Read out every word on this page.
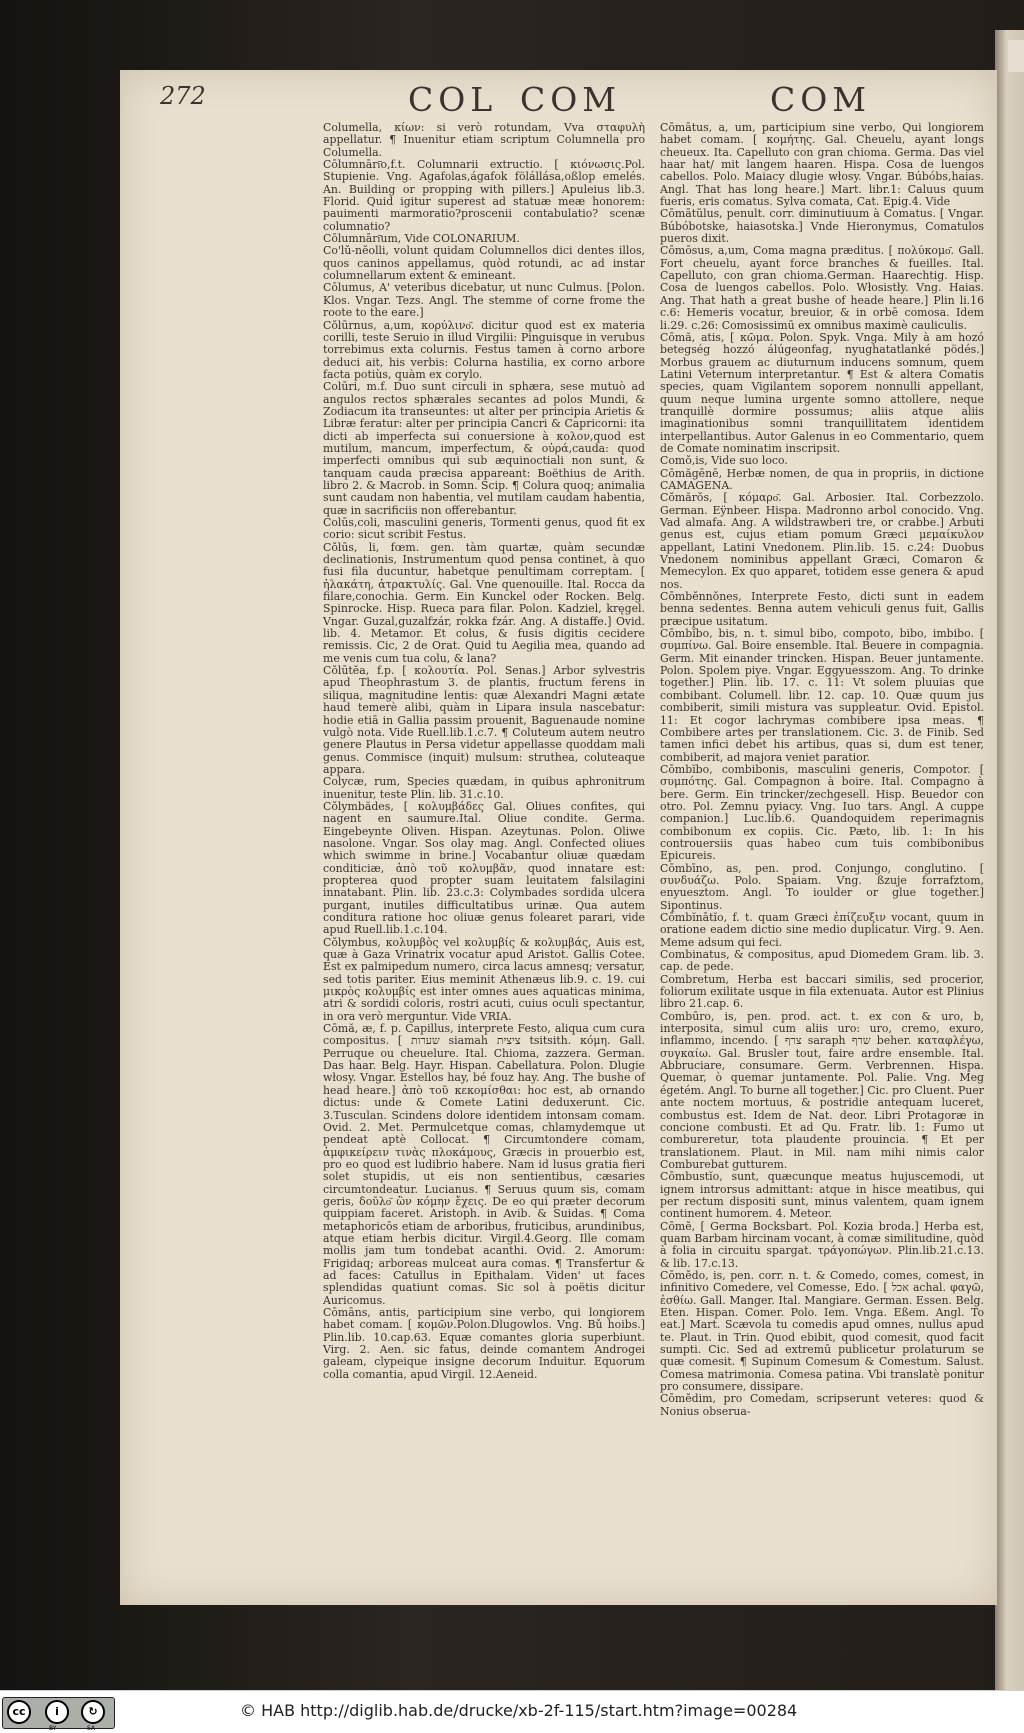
272	COL COM	COM

Columella, κίων: si verò rotundam, Vva σταφυλὴ appellatur. ¶ Inuenitur etiam scriptum Columnella pro Columella.

Cōlumnāri͂o,f.t. Columnarii extructio. [ κιόνωσις.Pol. Stupienie. Vng. Agafolas,ágafok fölállása,oßlop emelés. An. Building or propping with pillers.] Apuleius lib.3. Florid. Quid igitur superest ad statuæ meæ honorem: pauimenti marmoratio?proscenii contabulatio? scenæ columnatio?

Cōlumnāri͂um, Vide COLONARIUM.

Co'lŭ-nĕolli, volunt quidam Columnellos dici dentes illos, quos caninos appellamus, quòd rotundi, ac ad instar columnellarum extent & emineant.

Cōlumus, A' veteribus dicebatur, ut nunc Culmus. [Polon. Klos. Vngar. Tezs. Angl. The stemme of corne frome the roote to the eare.]

Cŏlūrnus, a,um, κορύλινο͂. dicitur quod est ex materia corilli, teste Seruio in illud Virgilii: Pinguisque in verubus torrebimus exta colurnis. Festus tamen à corno arbore deduci ait, his verbis: Colurna hastilia, ex corno arbore facta potiùs, quàm ex corylo.

Colūri, m.f. Duo sunt circuli in sphæra, sese mutuò ad angulos rectos sphærales secantes ad polos Mundi, & Zodiacum ita transeuntes: ut alter per principia Arietis & Libræ feratur: alter per principia Cancri & Capricorni: ita dicti ab imperfecta sui conuersione à κολον,quod est mutilum, mancum, imperfectum, & οὐρά,cauda: quod imperfecti omnibus qui sub æquinoctiali non sunt, & tanquam cauda præcisa appareant: Boëthius de Arith. libro 2. & Macrob. in Somn. Scip. ¶ Colura quoq; animalia sunt caudam non habentia, vel mutilam caudam habentia, quæ in sacrificiis non offerebantur.

Colūs,coli, masculini generis, Tormenti genus, quod fit ex corio: sicut scribit Festus.

Cŏlūs, li, fœm. gen. tàm quartæ, quàm secundæ declinationis, Instrumentum quod pensa continet, à quo fusi fila ducuntur, habetque penultimam correptam. [ ἠλακάτη, ἀτρακτυλίς. Gal. Vne quenouille. Ital. Rocca da filare,conochia. Germ. Ein Kunckel oder Rocken. Belg. Spinrocke. Hisp. Rueca para filar. Polon. Kadziel, kręgel. Vngar. Guzal,guzalfzár, rokka fzár. Ang. A distaffe.] Ovid. lib. 4. Metamor. Et colus, & fusis digitis cecidere remissis. Cic, 2 de Orat. Quid tu Aegilia mea, quando ad me venis cum tua colu, & lana?

Cŏlūtĕa, f.p. [ κολουτία. Pol. Senas.] Arbor sylvestris apud Theophrastum 3. de plantis, fructum ferens in siliqua, magnitudine lentis: quæ Alexandri Magni ætate haud temerè alibi, quàm in Lipara insula nascebatur: hodie etiā in Gallia passim prouenit, Baguenaude nomine vulgò nota. Vide Ruell.lib.1.c.7. ¶ Coluteum autem neutro genere Plautus in Persa videtur appellasse quoddam mali genus. Commisce (inquit) mulsum: struthea, coluteaque appara.

Colycæ, rum, Species quædam, in quibus aphronitrum inuenitur, teste Plin. lib. 31.c.10.

Cŏlymbădes, [ κολυμβάδες Gal. Oliues confites, qui nagent en saumure.Ital. Oliue condite. Germa. Eingebeynte Oliven. Hispan. Azeytunas. Polon. Oliwe nasolone. Vngar. Sos olay mag. Angl. Confected oliues which swimme in brine.] Vocabantur oliuæ quædam conditiciæ, ἀπὸ τοῦ κολυμβᾶν, quod innatare est: propterea quod propter suam leuitatem falsilagini innatabant. Plin. lib. 23.c.3: Colymbades sordida ulcera purgant, inutiles difficultatibus urinæ. Qua autem conditura ratione hoc oliuæ genus folearet parari, vide apud Ruell.lib.1.c.104.

Cŏlymbus, κολυμβὸς vel κολυμβίς & κολυμβάς, Auis est, quæ à Gaza Vrinatrix vocatur apud Aristot. Gallis Cotee. Est ex palmipedum numero, circa lacus amnesq; versatur, sed totis pariter. Eius meminit Athenæus lib.9. c. 19. cui μικρὸς κολυμβίς est inter omnes aues aquaticas minima, atri & sordidi coloris, rostri acuti, cuius oculi spectantur, in ora verò merguntur. Vide VRIA.

Cōmă, æ, f. p. Capillus, interprete Festo, aliqua cum cura compositus. [ שערות siamah ציצית tsitsith. κόμη. Gall. Perruque ou cheuelure. Ital. Chioma, zazzera. German. Das haar. Belg. Hayr. Hispan. Cabellatura. Polon. Dlugie włosy. Vngar. Estellos hay, bé fouz hay. Ang. The bushe of head heare.] ἀπὸ τοῦ κεκομίσθαι: hoc est, ab ornando dictus: unde & Comete Latini deduxerunt. Cic. 3.Tusculan. Scindens dolore identidem intonsam comam. Ovid. 2. Met. Permulcetque comas, chlamydemque ut pendeat aptè Collocat. ¶ Circumtondere comam, ἀμφικείρειν τινὰς πλοκάμους, Græcis in prouerbio est, pro eo quod est ludibrio habere. Nam id lusus gratia fieri solet stupidis, ut eis non sentientibus, cæsaries circumtondeatur. Lucianus. ¶ Seruus quum sis, comam geris, δοῦλο͂ ὢν κόμην ἔχεις. De eo qui præter decorum quippiam faceret. Aristoph. in Avib. & Suidas. ¶ Coma metaphoricōs etiam de arboribus, fruticibus, arundinibus, atque etiam herbis dicitur. Virgil.4.Georg. Ille comam mollis jam tum tondebat acanthi. Ovid. 2. Amorum: Frigidaq; arboreas mulceat aura comas. ¶ Transfertur & ad faces: Catullus in Epithalam. Viden' ut faces splendidas quatiunt comas. Sic sol à poëtis dicitur Auricomus.

Cōmāns, antis, participium sine verbo, qui longiorem habet comam. [ κομῶν.Polon.Dlugowlos. Vng. Bǔ hoibs.] Plin.lib. 10.cap.63. Equæ comantes gloria superbiunt. Virg. 2. Aen. sic fatus, deinde comantem Androgei galeam, clypeique insigne decorum Induitur. Equorum colla comantia, apud Virgil. 12.Aeneid.

Cōmātus, a, um, participium sine verbo, Qui longiorem habet comam. [ κομήτης. Gal. Cheuelu, ayant longs cheueux. Ita. Capelluto con gran chioma. Germa. Das viel haar hat/ mit langem haaren. Hispa. Cosa de luengos cabellos. Polo. Maiacy dlugie włosy. Vngar. Búbóbs,haias. Angl. That has long heare.] Mart. libr.1: Caluus quum fueris, eris comatus. Sylva comata, Cat. Epig.4. Vide

Cōmātŭlus, penult. corr. diminutiuum à Comatus. [ Vngar. Búbóbotske, haiasotska.] Vnde Hieronymus, Comatulos pueros dixit.

Cōmōsus, a,um, Coma magna præditus. [ πολύκομο͂. Gall. Fort cheuelu, ayant force branches & fueilles. Ital. Capelluto, con gran chioma.German. Haarechtig. Hisp. Cosa de luengos cabellos. Polo. Włosistły. Vng. Haias. Ang. That hath a great bushe of heade heare.] Plin li.16 c.6: Hemeris vocatur, breuior, & in orbē comosa. Idem li.29. c.26: Comosissimū ex omnibus maximè cauliculis.

Cōmă, atis, [ κῶμα. Polon. Spyk. Vnga. Mily à am hozó betegség hozzó álúgeonfag, nyughatatlanké pödés.] Morbus grauem ac diuturnum inducens somnum, quem Latini Veternum interpretantur. ¶ Est & altera Comatis species, quam Vigilantem soporem nonnulli appellant, quum neque lumina urgente somno attollere, neque tranquillè dormire possumus; aliis atque aliis imaginationibus somni tranquillitatem identidem interpellantibus. Autor Galenus in eo Commentario, quem de Comate nominatim inscripsit.

Comŏ,is, Vide suo loco.

Cōmăgēnē, Herbæ nomen, de qua in propriis, in dictione CAMAGENA.

Cŏmărŏs, [ κόμαρο͂. Gal. Arbosier. Ital. Corbezzolo. German. Eÿnbeer. Hispa. Madronno arbol conocido. Vng. Vad almafa. Ang. A wildstrawberi tre, or crabbe.] Arbuti genus est, cujus etiam pomum Græci μεμαίκυλον appellant, Latini Vnedonem. Plin.lib. 15. c.24: Duobus Vnedonem nominibus appellant Græci, Comaron & Memecylon. Ex quo apparet, totidem esse genera & apud nos.

Cōmbĕnnŏnes, Interprete Festo, dicti sunt in eadem benna sedentes. Benna autem vehiculi genus fuit, Gallis præcipue usitatum.

Cōmbĭbo, bis, n. t. simul bibo, compoto, bibo, imbibo. [ συμπίνω. Gal. Boire ensemble. Ital. Beuere in compagnia. Germ. Mit einander trincken. Hispan. Beuer juntamente. Polon. Spolem piye. Vngar. Eggyuesszom. Ang. To drinke together.] Plin. lib. 17. c. 11: Vt solem pluuias que combibant. Columell. libr. 12. cap. 10. Quæ quum jus combiberit, simili mistura vas suppleatur. Ovid. Epistol. 11: Et cogor lachrymas combibere ipsa meas. ¶ Combibere artes per translationem. Cic. 3. de Finib. Sed tamen infici debet his artibus, quas si, dum est tener, combiberit, ad majora veniet paratior.

Cōmbĭbo, combibonis, masculini generis, Compotor. [ συμπότης. Gal. Compagnon à boire. Ital. Compagno à bere. Germ. Ein trincker/zechgesell. Hisp. Beuedor con otro. Pol. Zemnu pyiacy. Vng. Iuo tars. Angl. A cuppe companion.] Luc.lib.6. Quandoquidem reperimagnis combibonum ex copiis. Cic. Pæto, lib. 1: In his controuersiis quas habeo cum tuis combibonibus Epicureis.

Cōmbīno, as, pen. prod. Conjungo, conglutino. [ συνδυάζω. Polo. Spaiam. Vng. ßzuje forrafztom, enyuesztom. Angl. To ioulder or glue together.] Sipontinus.

Cōmbĭnātĭo, f. t. quam Græci ἐπίζευξιν vocant, quum in oratione eadem dictio sine medio duplicatur. Virg. 9. Aen. Meme adsum qui feci.

Combinatus, & compositus, apud Diomedem Gram. lib. 3. cap. de pede.

Combretum, Herba est baccari similis, sed procerior, foliorum exilitate usque in fila extenuata. Autor est Plinius libro 21.cap. 6.

Combūro, is, pen. prod. act. t. ex con & uro, b, interposita, simul cum aliis uro: uro, cremo, exuro, inflammo, incendo. [ צרף saraph שרף beher. καταφλέγω, συγκαίω. Gal. Brusler tout, faire ardre ensemble. Ital. Abbruciare, consumare. Germ. Verbrennen. Hispa. Quemar, ò quemar juntamente. Pol. Palie. Vng. Meg égetém. Angl. To burne all together.] Cic. pro Cluent. Puer ante noctem mortuus, & postridie antequam luceret, combustus est. Idem de Nat. deor. Libri Protagoræ in concione combusti. Et ad Qu. Fratr. lib. 1: Fumo ut combureretur, tota plaudente prouincia. ¶ Et per translationem. Plaut. in Mil. nam mihi nimis calor Comburebat gutturem.

Cōmbustĭo, sunt, quæcunque meatus hujuscemodi, ut ignem introrsus admittant: atque in hisce meatibus, qui per rectum dispositi sunt, minus valentem, quam ignem continent humorem. 4. Meteor.

Cōmĕ, [ Germa Bocksbart. Pol. Kozia broda.] Herba est, quam Barbam hircinam vocant, à comæ similitudine, quòd à folia in circuitu spargat. τράγοπώγων. Plin.lib.21.c.13. & lib. 17.c.13.

Cōmĕdo, is, pen. corr. n. t. & Comedo, comes, comest, in infinitivo Comedere, vel Comesse, Edo. [ אכל achal. φαγῶ, ἐσθίω. Gall. Manger. Ital. Mangiare. German. Essen. Belg. Eten. Hispan. Comer. Polo. Iem. Vnga. Eßem. Angl. To eat.] Mart. Scævola tu comedis apud omnes, nullus apud te. Plaut. in Trin. Quod ebibit, quod comesit, quod facit sumpti. Cic. Sed ad extremū publicetur prolaturum se quæ comesit. ¶ Supinum Comesum & Comestum. Salust. Comesa matrimonia. Comesa patina. Vbi translatè ponitur pro consumere, dissipare.

Cōmĕdim, pro Comedam, scripserunt veteres: quod & Nonius obserua-

cc	i	↻
BY	SA
© HAB http://diglib.hab.de/drucke/xb-2f-115/start.htm?image=00284
